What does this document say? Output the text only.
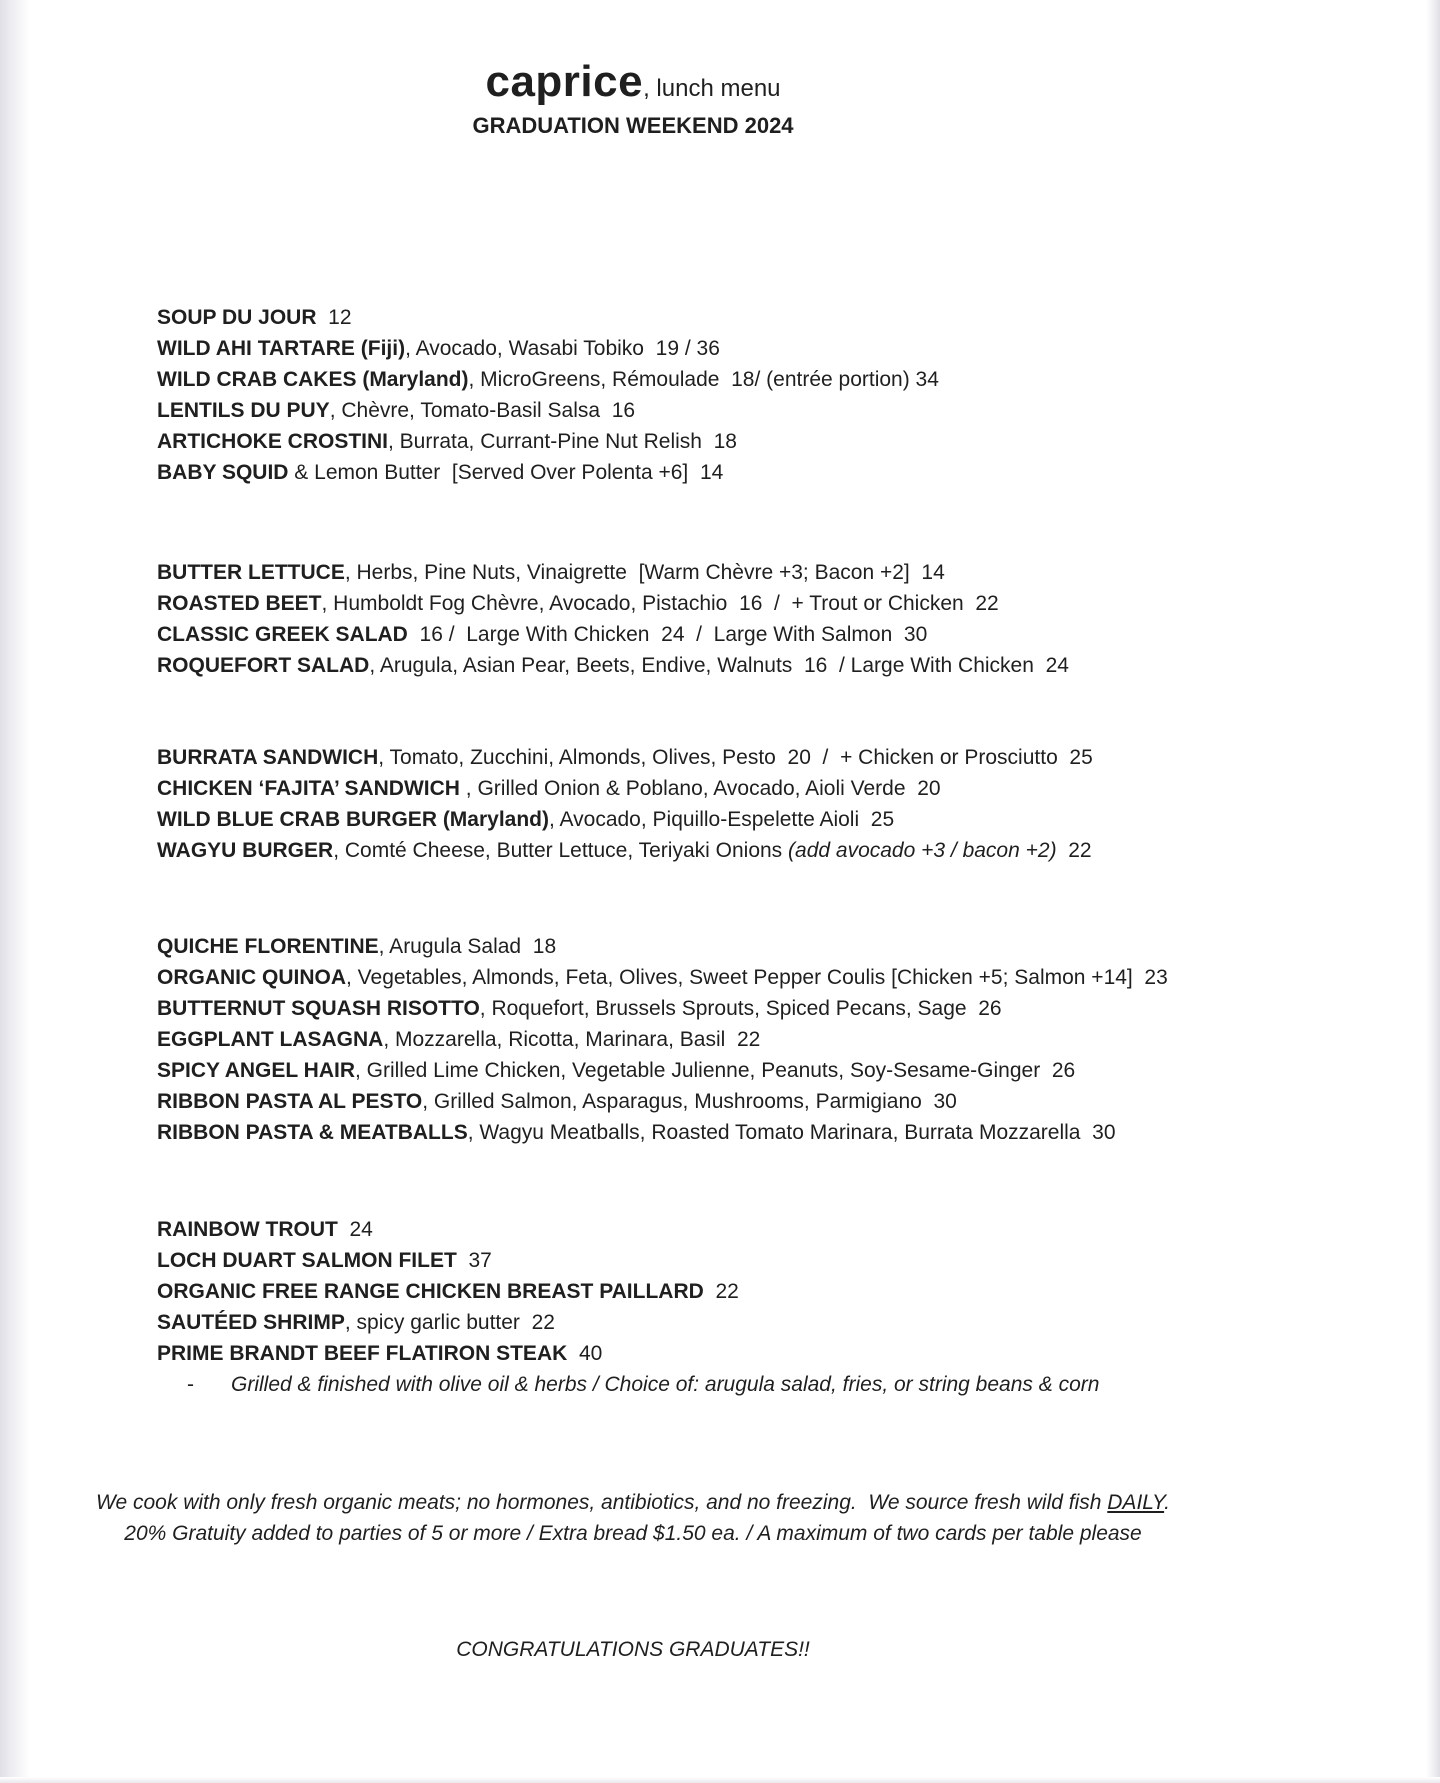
caprice, lunch menu
GRADUATION WEEKEND 2024
SOUP DU JOUR  12
WILD AHI TARTARE (Fiji), Avocado, Wasabi Tobiko  19 / 36
WILD CRAB CAKES (Maryland), MicroGreens, Rémoulade  18/ (entrée portion) 34
LENTILS DU PUY, Chèvre, Tomato-Basil Salsa  16
ARTICHOKE CROSTINI, Burrata, Currant-Pine Nut Relish  18
BABY SQUID & Lemon Butter  [Served Over Polenta +6]  14
BUTTER LETTUCE, Herbs, Pine Nuts, Vinaigrette  [Warm Chèvre +3; Bacon +2]  14
ROASTED BEET, Humboldt Fog Chèvre, Avocado, Pistachio  16  /  + Trout or Chicken  22
CLASSIC GREEK SALAD  16 /  Large With Chicken  24  /  Large With Salmon  30
ROQUEFORT SALAD, Arugula, Asian Pear, Beets, Endive, Walnuts  16  / Large With Chicken  24
BURRATA SANDWICH, Tomato, Zucchini, Almonds, Olives, Pesto  20  /  + Chicken or Prosciutto  25
CHICKEN ‘FAJITA’ SANDWICH , Grilled Onion & Poblano, Avocado, Aioli Verde  20
WILD BLUE CRAB BURGER (Maryland), Avocado, Piquillo-Espelette Aioli  25
WAGYU BURGER, Comté Cheese, Butter Lettuce, Teriyaki Onions (add avocado +3 / bacon +2)  22
QUICHE FLORENTINE, Arugula Salad  18
ORGANIC QUINOA, Vegetables, Almonds, Feta, Olives, Sweet Pepper Coulis [Chicken +5; Salmon +14]  23
BUTTERNUT SQUASH RISOTTO, Roquefort, Brussels Sprouts, Spiced Pecans, Sage  26
EGGPLANT LASAGNA, Mozzarella, Ricotta, Marinara, Basil  22
SPICY ANGEL HAIR, Grilled Lime Chicken, Vegetable Julienne, Peanuts, Soy-Sesame-Ginger  26
RIBBON PASTA AL PESTO, Grilled Salmon, Asparagus, Mushrooms, Parmigiano  30
RIBBON PASTA & MEATBALLS, Wagyu Meatballs, Roasted Tomato Marinara, Burrata Mozzarella  30
RAINBOW TROUT  24
LOCH DUART SALMON FILET  37
ORGANIC FREE RANGE CHICKEN BREAST PAILLARD  22
SAUTÉED SHRIMP, spicy garlic butter  22
PRIME BRANDT BEEF FLATIRON STEAK  40
- Grilled & finished with olive oil & herbs / Choice of: arugula salad, fries, or string beans & corn
We cook with only fresh organic meats; no hormones, antibiotics, and no freezing.  We source fresh wild fish DAILY.
20% Gratuity added to parties of 5 or more / Extra bread $1.50 ea. / A maximum of two cards per table please
CONGRATULATIONS GRADUATES!!
